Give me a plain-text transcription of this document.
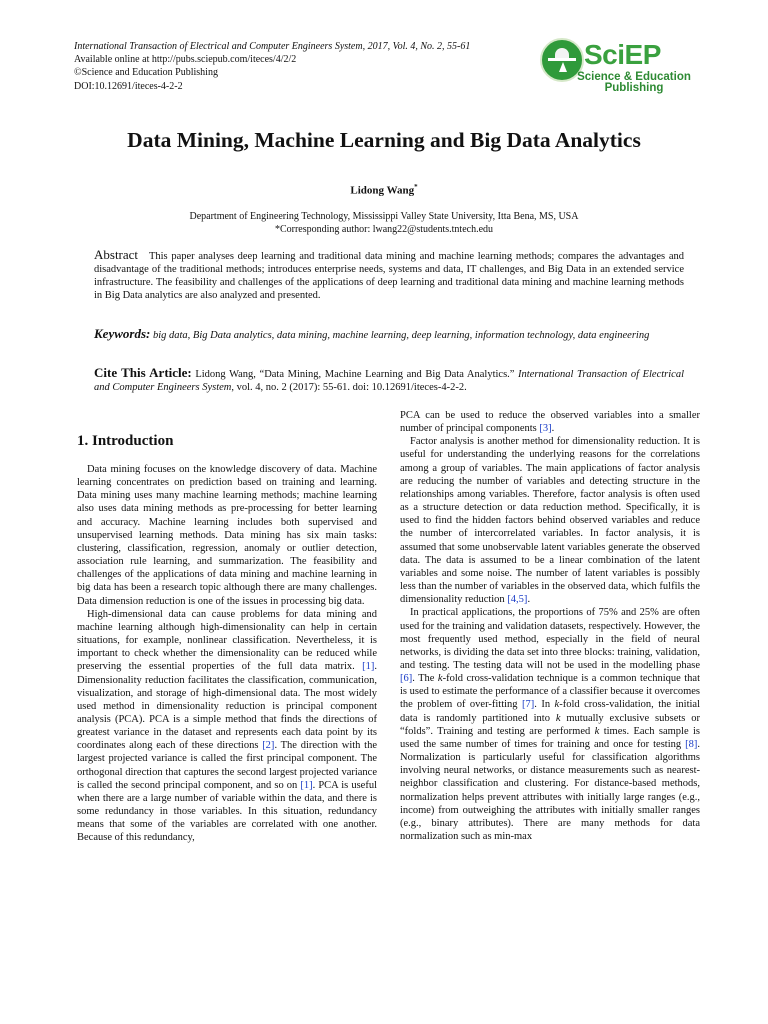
International Transaction of Electrical and Computer Engineers System, 2017, Vol. 4, No. 2, 55-61
Available online at http://pubs.sciepub.com/iteces/4/2/2
©Science and Education Publishing
DOI:10.12691/iteces-4-2-2
SciEP
Science & Education
Publishing
Data Mining, Machine Learning and Big Data Analytics
Lidong Wang*
Department of Engineering Technology, Mississippi Valley State University, Itta Bena, MS, USA
*Corresponding author: lwang22@students.tntech.edu
Abstract This paper analyses deep learning and traditional data mining and machine learning methods; compares the advantages and disadvantage of the traditional methods; introduces enterprise needs, systems and data, IT challenges, and Big Data in an extended service infrastructure. The feasibility and challenges of the applications of deep learning and traditional data mining and machine learning methods in Big Data analytics are also analyzed and presented.
Keywords: big data, Big Data analytics, data mining, machine learning, deep learning, information technology, data engineering
Cite This Article: Lidong Wang, “Data Mining, Machine Learning and Big Data Analytics.” International Transaction of Electrical and Computer Engineers System, vol. 4, no. 2 (2017): 55-61. doi: 10.12691/iteces-4-2-2.
1. Introduction

Data mining focuses on the knowledge discovery of data. Machine learning concentrates on prediction based on training and learning. Data mining uses many machine learning methods; machine learning also uses data mining methods as pre-processing for better learning and accuracy. Machine learning includes both supervised and unsupervised learning methods. Data mining has six main tasks: clustering, classification, regression, anomaly or outlier detection, association rule learning, and summarization. The feasibility and challenges of the applications of data mining and machine learning in big data has been a research topic although there are many challenges. Data dimension reduction is one of the issues in processing big data.

High-dimensional data can cause problems for data mining and machine learning although high-dimensionality can help in certain situations, for example, nonlinear classification. Nevertheless, it is important to check whether the dimensionality can be reduced while preserving the essential properties of the full data matrix. [1]. Dimensionality reduction facilitates the classification, communication, visualization, and storage of high-dimensional data. The most widely used method in dimensionality reduction is principal component analysis (PCA). PCA is a simple method that finds the directions of greatest variance in the dataset and represents each data point by its coordinates along each of these directions [2]. The direction with the largest projected variance is called the first principal component. The orthogonal direction that captures the second largest projected variance is called the second principal component, and so on [1]. PCA is useful when there are a large number of variable within the data, and there is some redundancy in those variables. In this situation, redundancy means that some of the variables are correlated with one another. Because of this redundancy,

PCA can be used to reduce the observed variables into a smaller number of principal components [3].

Factor analysis is another method for dimensionality reduction. It is useful for understanding the underlying reasons for the correlations among a group of variables. The main applications of factor analysis are reducing the number of variables and detecting structure in the relationships among variables. Therefore, factor analysis is often used as a structure detection or data reduction method. Specifically, it is used to find the hidden factors behind observed variables and reduce the number of intercorrelated variables. In factor analysis, it is assumed that some unobservable latent variables generate the observed data. The data is assumed to be a linear combination of the latent variables and some noise. The number of latent variables is possibly less than the number of variables in the observed data, which fulfils the dimensionality reduction [4,5].

In practical applications, the proportions of 75% and 25% are often used for the training and validation datasets, respectively. However, the most frequently used method, especially in the field of neural networks, is dividing the data set into three blocks: training, validation, and testing. The testing data will not be used in the modelling phase [6]. The k-fold cross-validation technique is a common technique that is used to estimate the performance of a classifier because it overcomes the problem of over-fitting [7]. In k-fold cross-validation, the initial data is randomly partitioned into k mutually exclusive subsets or “folds”. Training and testing are performed k times. Each sample is used the same number of times for training and once for testing [8]. Normalization is particularly useful for classification algorithms involving neural networks, or distance measurements such as nearest-neighbor classification and clustering. For distance-based methods, normalization helps prevent attributes with initially large ranges (e.g., income) from outweighing the attributes with initially smaller ranges (e.g., binary attributes). There are many methods for data normalization such as min-max
